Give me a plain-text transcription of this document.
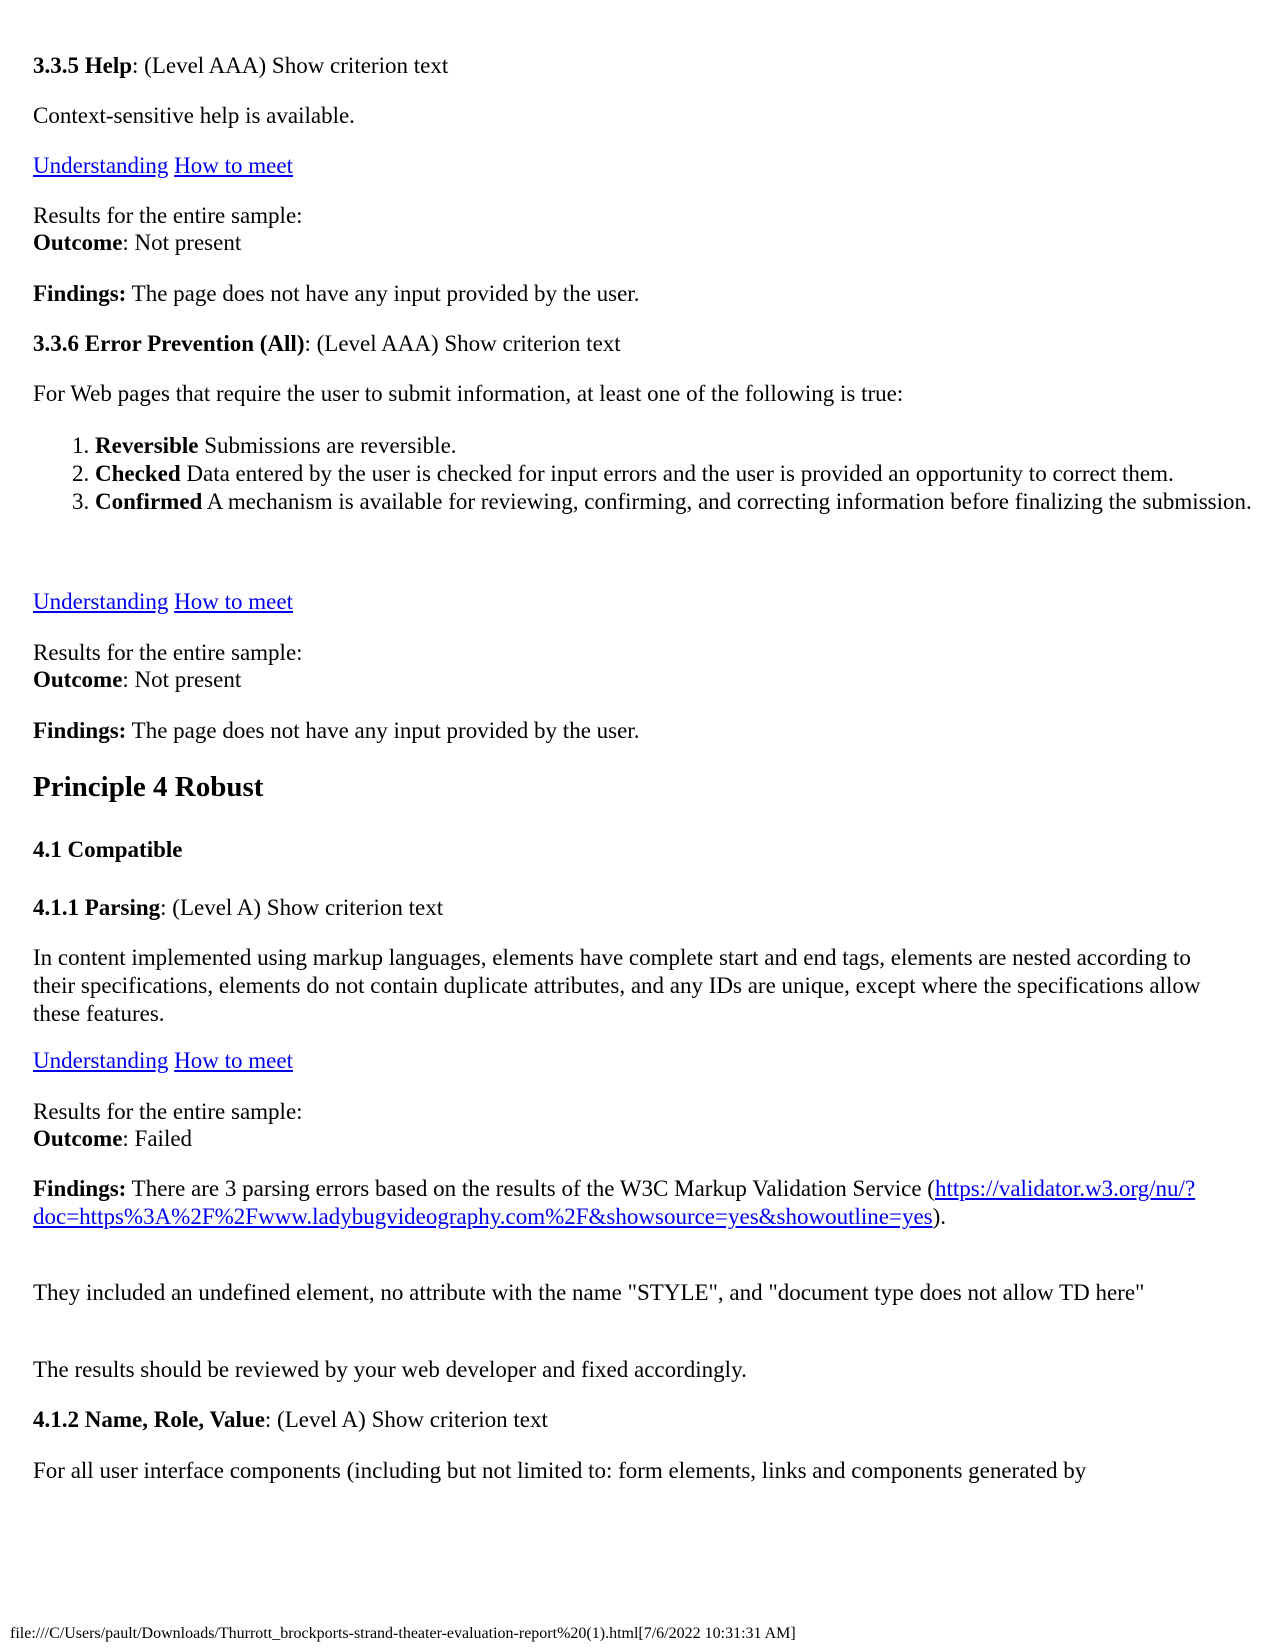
3.3.5 Help: (Level AAA) Show criterion text

Context-sensitive help is available.

Understanding How to meet

Results for the entire sample:

Outcome: Not present

Findings: The page does not have any input provided by the user.

3.3.6 Error Prevention (All): (Level AAA) Show criterion text

For Web pages that require the user to submit information, at least one of the following is true:

1. Reversible Submissions are reversible.
2. Checked Data entered by the user is checked for input errors and the user is provided an opportunity to correct them.
3. Confirmed A mechanism is available for reviewing, confirming, and correcting information before finalizing the submission.

Understanding How to meet

Results for the entire sample:

Outcome: Not present

Findings: The page does not have any input provided by the user.

Principle 4 Robust
4.1 Compatible

4.1.1 Parsing: (Level A) Show criterion text

In content implemented using markup languages, elements have complete start and end tags, elements are nested according to their specifications, elements do not contain duplicate attributes, and any IDs are unique, except where the specifications allow these features.

Understanding How to meet

Results for the entire sample:

Outcome: Failed

Findings: There are 3 parsing errors based on the results of the W3C Markup Validation Service (https://validator.w3.org/nu/?
doc=https%3A%2F%2Fwww.ladybugvideography.com%2F&showsource=yes&showoutline=yes).

They included an undefined element, no attribute with the name "STYLE", and "document type does not allow TD here"

The results should be reviewed by your web developer and fixed accordingly.

4.1.2 Name, Role, Value: (Level A) Show criterion text

For all user interface components (including but not limited to: form elements, links and components generated by

file:///C/Users/pault/Downloads/Thurrott_brockports-strand-theater-evaluation-report%20(1).html[7/6/2022 10:31:31 AM]
